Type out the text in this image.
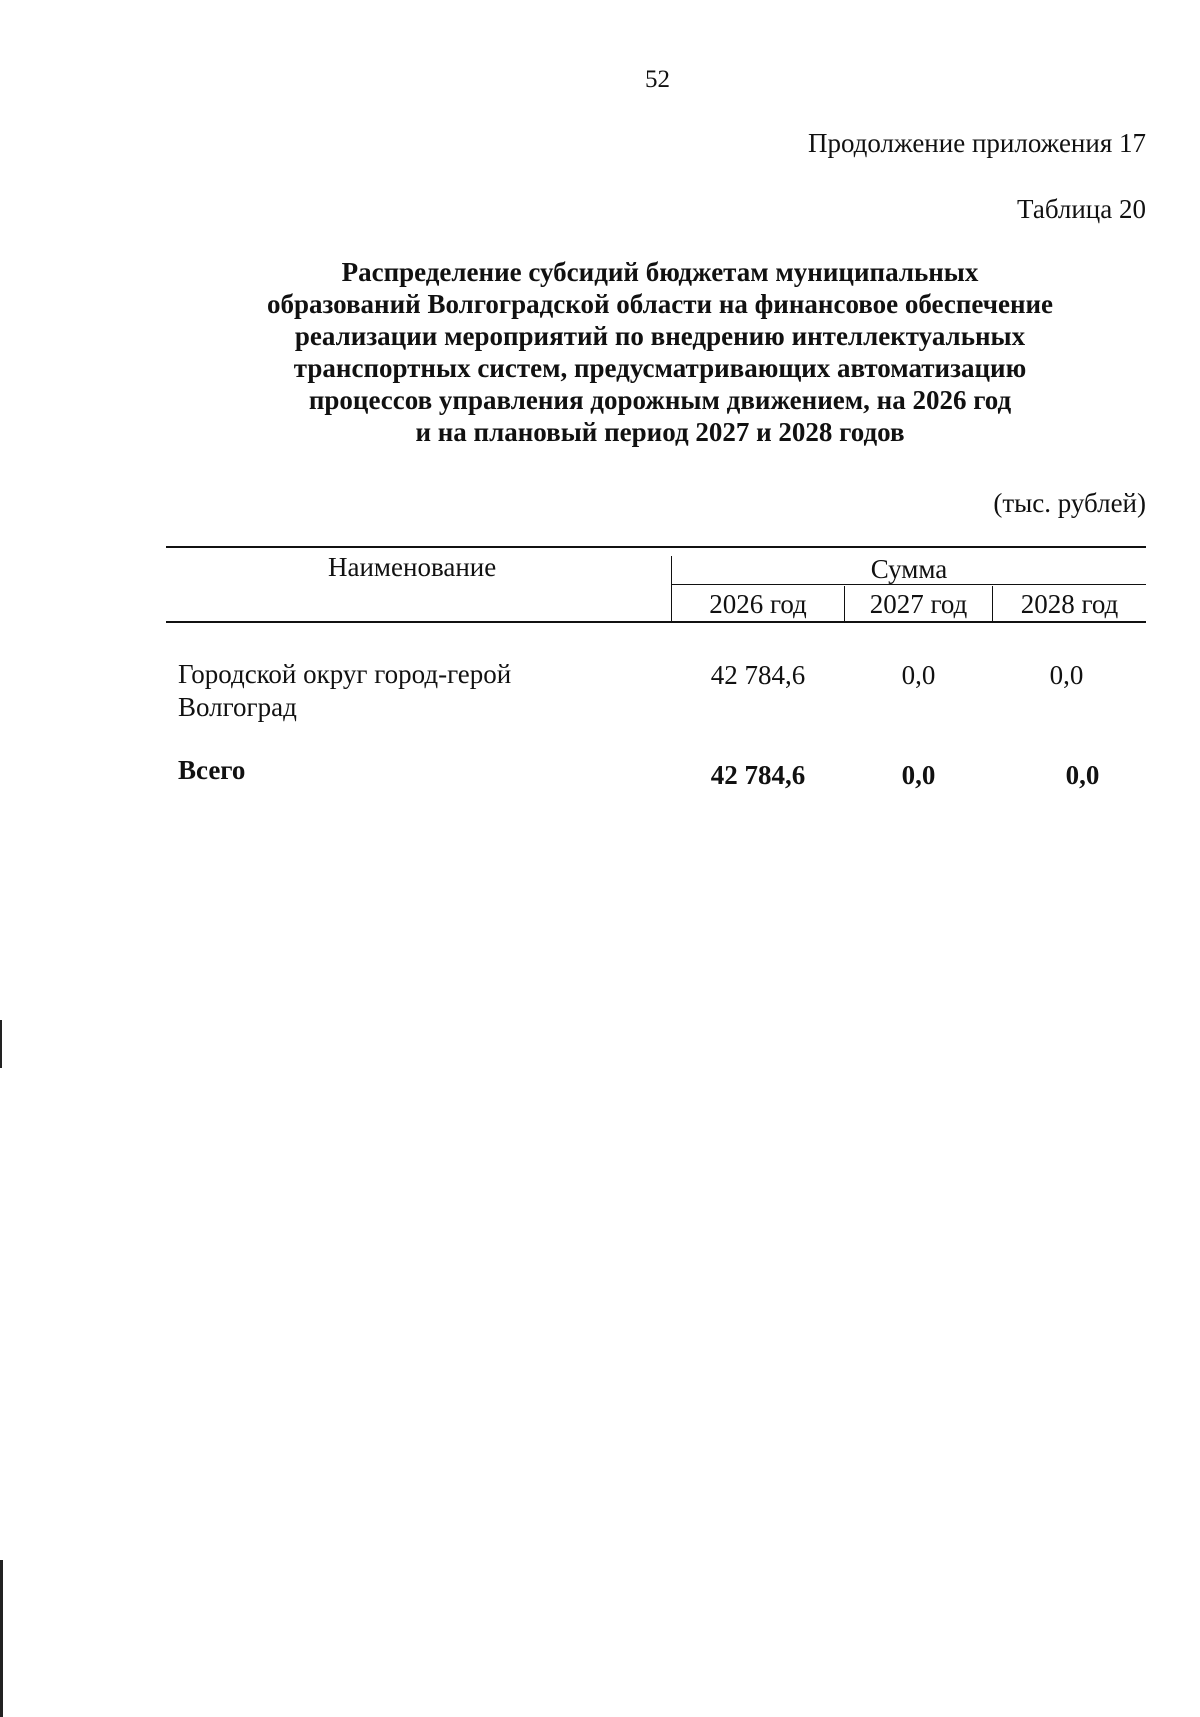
52
Продолжение приложения 17
Таблица 20
Распределение субсидий бюджетам муниципальных
образований Волгоградской области на финансовое обеспечение
реализации мероприятий по внедрению интеллектуальных
транспортных систем, предусматривающих автоматизацию
процессов управления дорожным движением, на 2026 год
и на плановый период 2027 и 2028 годов
(тыс. рублей)
Наименование	Сумма
2026 год	2027 год	2028 год
Городской округ город-герой
Волгоград
42 784,6	0,0	0,0
Всего	42 784,6	0,0	0,0
